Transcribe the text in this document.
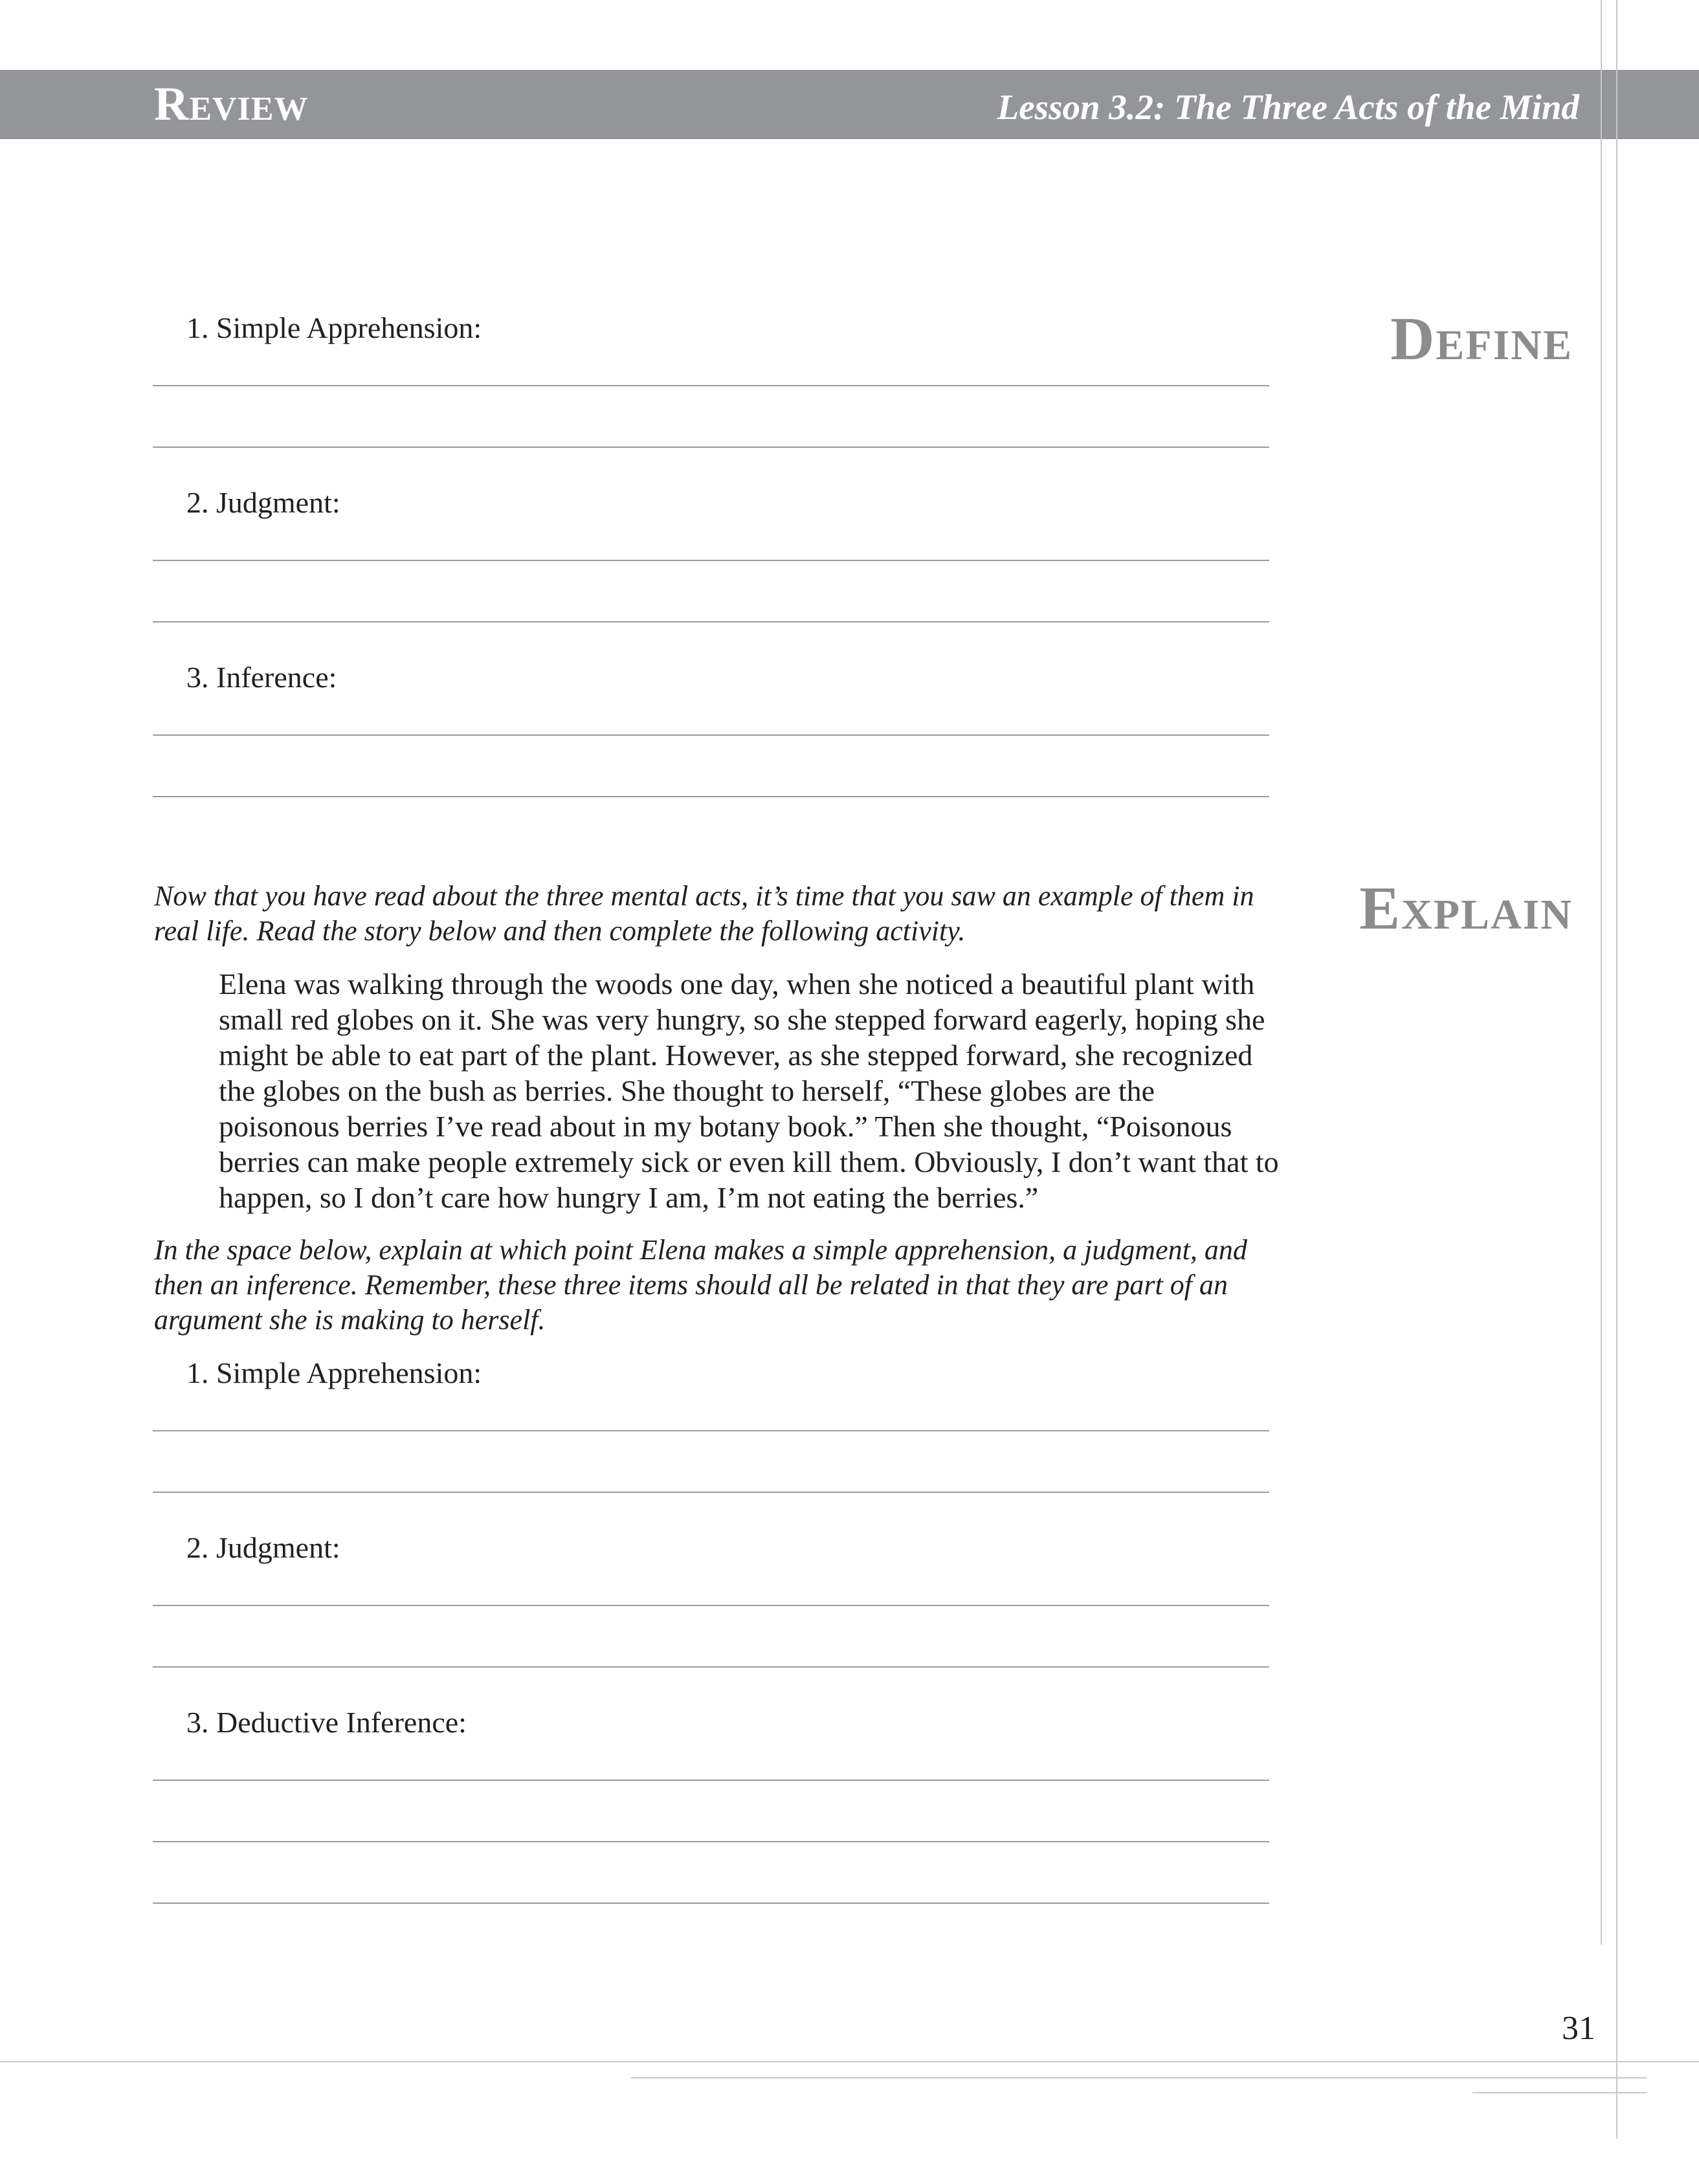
Review	Lesson 3.2: The Three Acts of the Mind
Define
1. Simple Apprehension:
2. Judgment:
3. Inference:
Explain
Now that you have read about the three mental acts, it’s time that you saw an example of them in real life. Read the story below and then complete the following activity.
Elena was walking through the woods one day, when she noticed a beautiful plant with small red globes on it. She was very hungry, so she stepped forward eagerly, hoping she might be able to eat part of the plant. However, as she stepped forward, she recognized the globes on the bush as berries. She thought to herself, “These globes are the poisonous berries I’ve read about in my botany book.” Then she thought, “Poisonous berries can make people extremely sick or even kill them. Obviously, I don’t want that to happen, so I don’t care how hungry I am, I’m not eating the berries.”
In the space below, explain at which point Elena makes a simple apprehension, a judgment, and then an inference. Remember, these three items should all be related in that they are part of an argument she is making to herself.
1. Simple Apprehension:
2. Judgment:
3. Deductive Inference:
31
